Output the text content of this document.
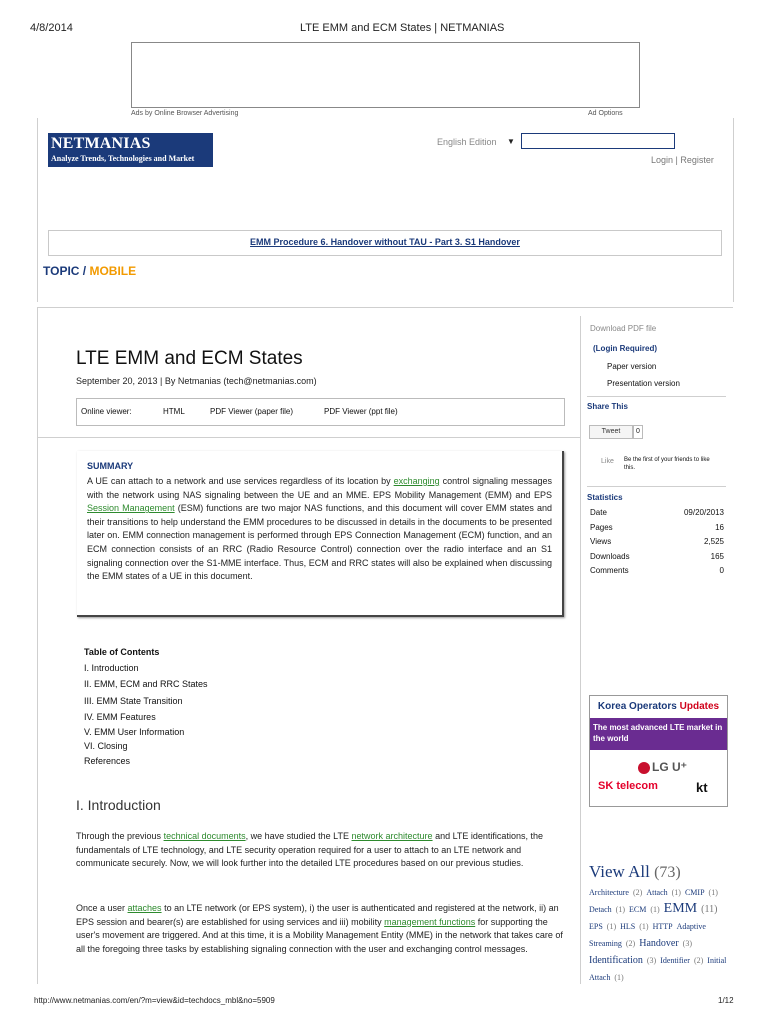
4/8/2014	LTE EMM and ECM States | NETMANIAS
Ads by Online Browser Advertising	Ad Options
NETMANIAS
Analyze Trends, Technologies and Market
English Edition ▼
Login | Register
EMM Procedure 6. Handover without TAU - Part 3. S1 Handover
TOPIC / MOBILE
LTE EMM and ECM States
September 20, 2013 | By Netmanias (tech@netmanias.com)
Online viewer:	HTML	PDF Viewer (paper file)	PDF Viewer (ppt file)
SUMMARY
A UE can attach to a network and use services regardless of its location by exchanging control signaling messages with the network using NAS signaling between the UE and an MME. EPS Mobility Management (EMM) and EPS Session Management (ESM) functions are two major NAS functions, and this document will cover EMM states and their transitions to help understand the EMM procedures to be discussed in details in the documents to be presented later on. EMM connection management is performed through EPS Connection Management (ECM) function, and an ECM connection consists of an RRC (Radio Resource Control) connection over the radio interface and an S1 signaling connection over the S1-MME interface. Thus, ECM and RRC states will also be explained when discussing the EMM states of a UE in this document.
Table of Contents
I. Introduction
II. EMM, ECM and RRC States
III. EMM State Transition
IV. EMM Features
V. EMM User Information
VI. Closing
References
I. Introduction
Through the previous technical documents, we have studied the LTE network architecture and LTE identifications, the fundamentals of LTE technology, and LTE security operation required for a user to attach to an LTE network and communicate securely. Now, we will look further into the detailed LTE procedures based on our previous studies.
Once a user attaches to an LTE network (or EPS system), i) the user is authenticated and registered at the network, ii) an EPS session and bearer(s) are established for using services and iii) mobility management functions for supporting the user's movement are triggered. And at this time, it is a Mobility Management Entity (MME) in the network that takes care of all the foregoing three tasks by establishing signaling connection with the user and exchanging control messages.
Download PDF file
(Login Required)
Paper version
Presentation version
Share This
Tweet	0
Like Be the first of your friends to like this.
Statistics
Date	09/20/2013
Pages	16
Views	2,525
Downloads	165
Comments	0
Korea Operators Updates
The most advanced LTE market in the world
LG U⁺
SK telecom	kt
View All (73)
Architecture (2) Attach (1) CMIP (1) Detach (1) ECM (1) EMM (11) EPS (1) HLS (1) HTTP Adaptive Streaming (2) Handover (3) Identification (3) Identifier (2) Initial Attach (1)
http://www.netmanias.com/en/?m=view&id=techdocs_mbl&no=5909	1/12
